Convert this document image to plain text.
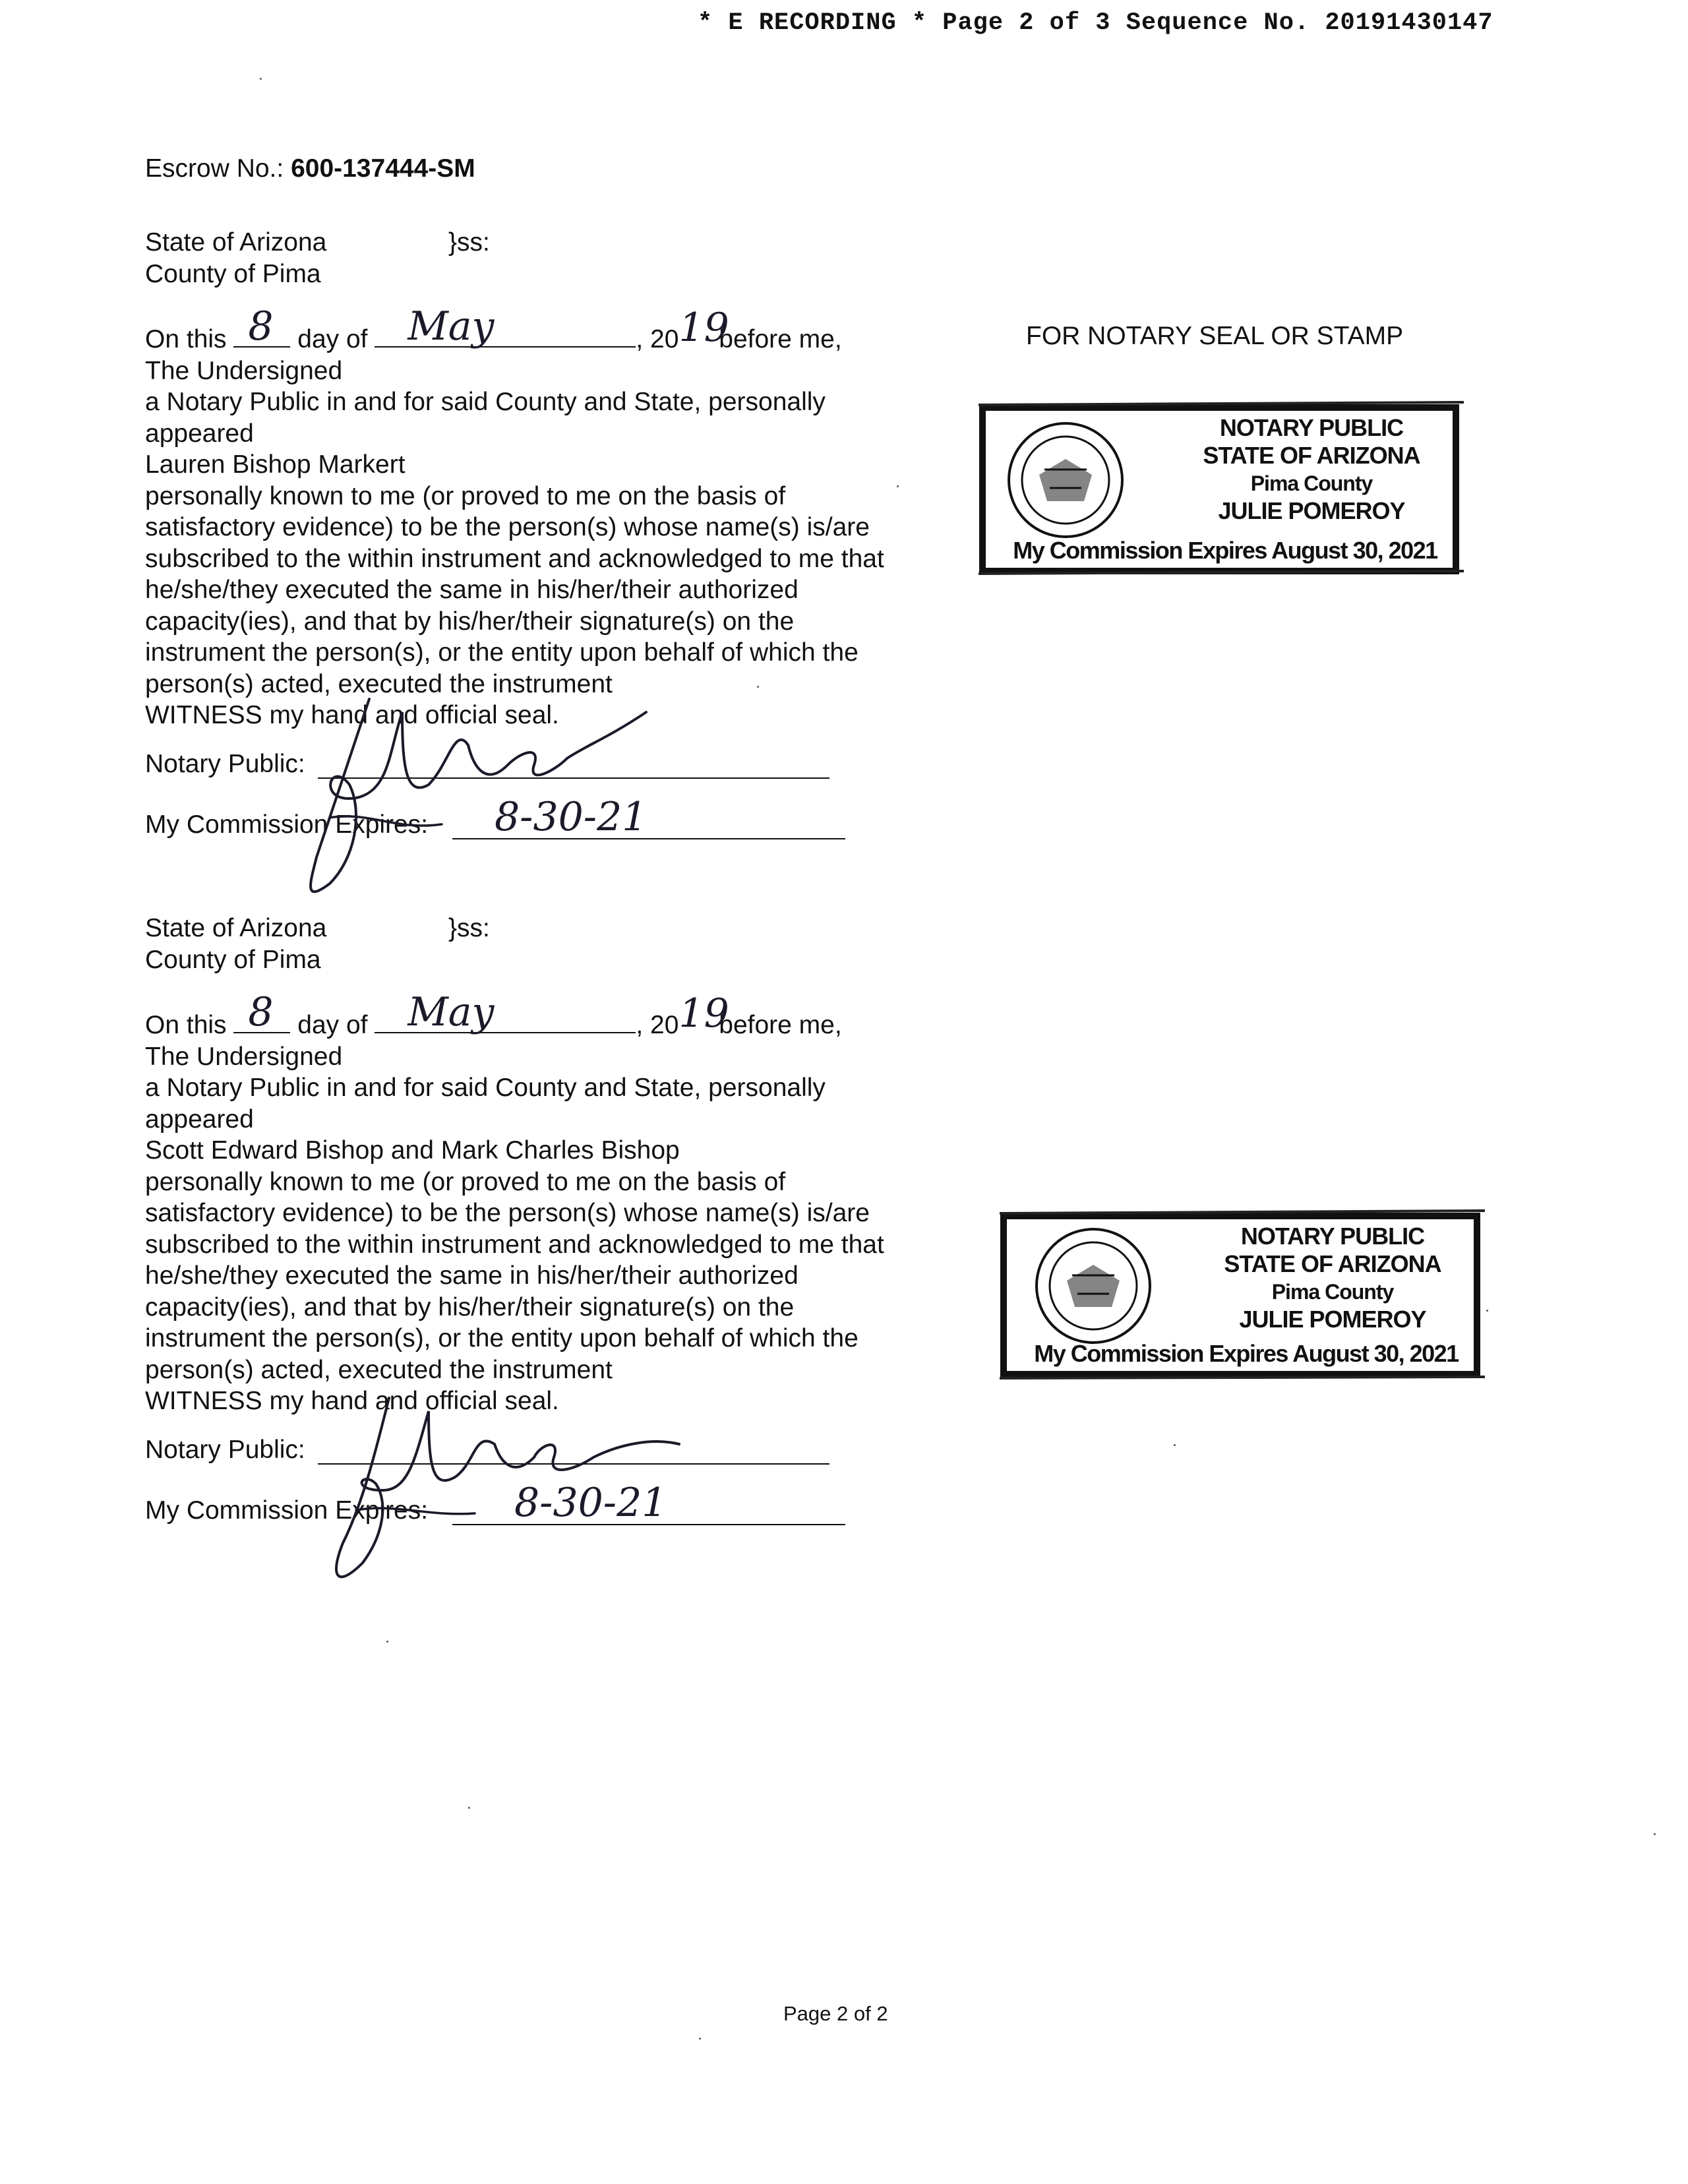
* E RECORDING * Page 2 of 3 Sequence No. 20191430147
Escrow No.: 600-137444-SM
FOR NOTARY SEAL OR STAMP
State of Arizona	}ss:
County of Pima
On this 8 day of May	, 20 19
before me,
The Undersigned
a Notary Public in and for said County and State, personally
appeared
Lauren Bishop Markert
personally known to me (or proved to me on the basis of
satisfactory evidence) to be the person(s) whose name(s) is/are
subscribed to the within instrument and acknowledged to me that
he/she/they executed the same in his/her/their authorized
capacity(ies), and that by his/her/their signature(s) on the
instrument the person(s), or the entity upon behalf of which the
person(s) acted, executed the instrument
WITNESS my hand and official seal.
Notary Public:
My Commission Expires: 8-30-21
NOTARY PUBLIC
STATE OF ARIZONA
Pima County
JULIE POMEROY
My Commission Expires August 30, 2021
State of Arizona	}ss:
County of Pima
On this 8 day of May	, 20 19
before me,
The Undersigned
a Notary Public in and for said County and State, personally
appeared
Scott Edward Bishop and Mark Charles Bishop
personally known to me (or proved to me on the basis of
satisfactory evidence) to be the person(s) whose name(s) is/are
subscribed to the within instrument and acknowledged to me that
he/she/they executed the same in his/her/their authorized
capacity(ies), and that by his/her/their signature(s) on the
instrument the person(s), or the entity upon behalf of which the
person(s) acted, executed the instrument
WITNESS my hand and official seal.
Notary Public:
My Commission Expires: 8-30-21
NOTARY PUBLIC
STATE OF ARIZONA
Pima County
JULIE POMEROY
My Commission Expires August 30, 2021
Page 2 of 2
